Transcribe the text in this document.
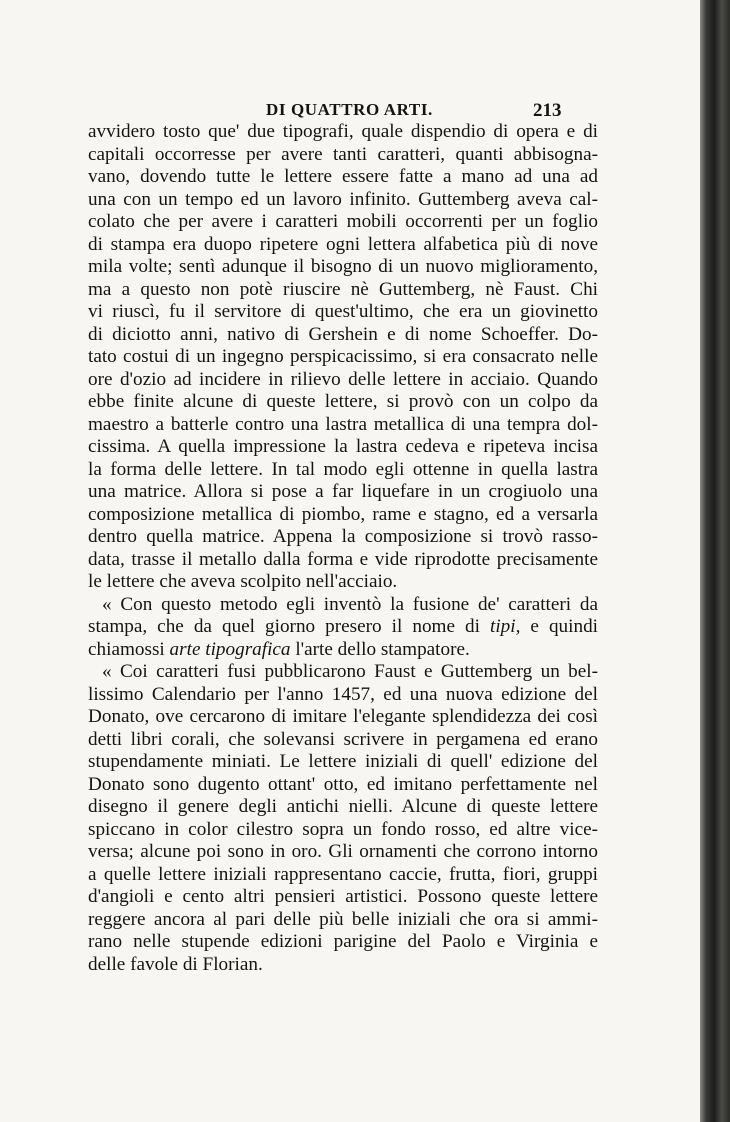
DI QUATTRO ARTI.	213
avvidero tosto que' due tipografi, quale dispendio di opera e di
capitali occorresse per avere tanti caratteri, quanti abbisogna-
vano, dovendo tutte le lettere essere fatte a mano ad una ad
una con un tempo ed un lavoro infinito. Guttemberg aveva cal-
colato che per avere i caratteri mobili occorrenti per un foglio
di stampa era duopo ripetere ogni lettera alfabetica più di nove
mila volte; sentì adunque il bisogno di un nuovo miglioramento,
ma a questo non potè riuscire nè Guttemberg, nè Faust. Chi
vi riuscì, fu il servitore di quest'ultimo, che era un giovinetto
di diciotto anni, nativo di Gershein e di nome Schoeffer. Do-
tato costui di un ingegno perspicacissimo, si era consacrato nelle
ore d'ozio ad incidere in rilievo delle lettere in acciaio. Quando
ebbe finite alcune di queste lettere, si provò con un colpo da
maestro a batterle contro una lastra metallica di una tempra dol-
cissima. A quella impressione la lastra cedeva e ripeteva incisa
la forma delle lettere. In tal modo egli ottenne in quella lastra
una matrice. Allora si pose a far liquefare in un crogiuolo una
composizione metallica di piombo, rame e stagno, ed a versarla
dentro quella matrice. Appena la composizione si trovò rasso-
data, trasse il metallo dalla forma e vide riprodotte precisamente
le lettere che aveva scolpito nell'acciaio.
« Con questo metodo egli inventò la fusione de' caratteri da
stampa, che da quel giorno presero il nome di tipi, e quindi
chiamossi arte tipografica l'arte dello stampatore.
« Coi caratteri fusi pubblicarono Faust e Guttemberg un bel-
lissimo Calendario per l'anno 1457, ed una nuova edizione del
Donato, ove cercarono di imitare l'elegante splendidezza dei così
detti libri corali, che solevansi scrivere in pergamena ed erano
stupendamente miniati. Le lettere iniziali di quell' edizione del
Donato sono dugento ottant' otto, ed imitano perfettamente nel
disegno il genere degli antichi nielli. Alcune di queste lettere
spiccano in color cilestro sopra un fondo rosso, ed altre vice-
versa; alcune poi sono in oro. Gli ornamenti che corrono intorno
a quelle lettere iniziali rappresentano caccie, frutta, fiori, gruppi
d'angioli e cento altri pensieri artistici. Possono queste lettere
reggere ancora al pari delle più belle iniziali che ora si ammi-
rano nelle stupende edizioni parigine del Paolo e Virginia e
delle favole di Florian.
